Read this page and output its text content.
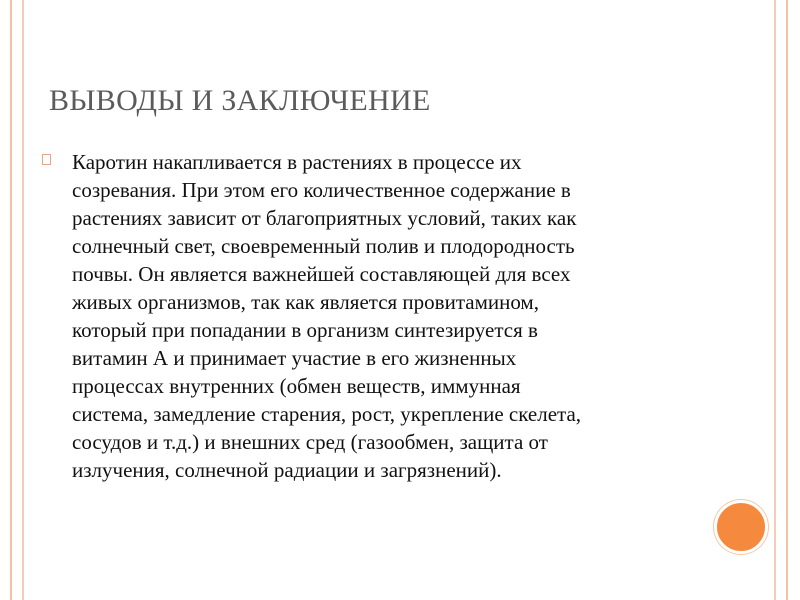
ВЫВОДЫ И ЗАКЛЮЧЕНИЕ

Каротин накапливается в растениях в процессе их
созревания. При этом его количественное содержание в
растениях зависит от благоприятных условий, таких как
солнечный свет, своевременный полив и плодородность
почвы. Он является важнейшей составляющей для всех
живых организмов, так как является провитамином,
который при попадании в организм синтезируется в
витамин А и принимает участие в его жизненных
процессах внутренних (обмен веществ, иммунная
система, замедление старения, рост, укрепление скелета,
сосудов и т.д.) и внешних сред (газообмен, защита от
излучения, солнечной радиации и загрязнений).
